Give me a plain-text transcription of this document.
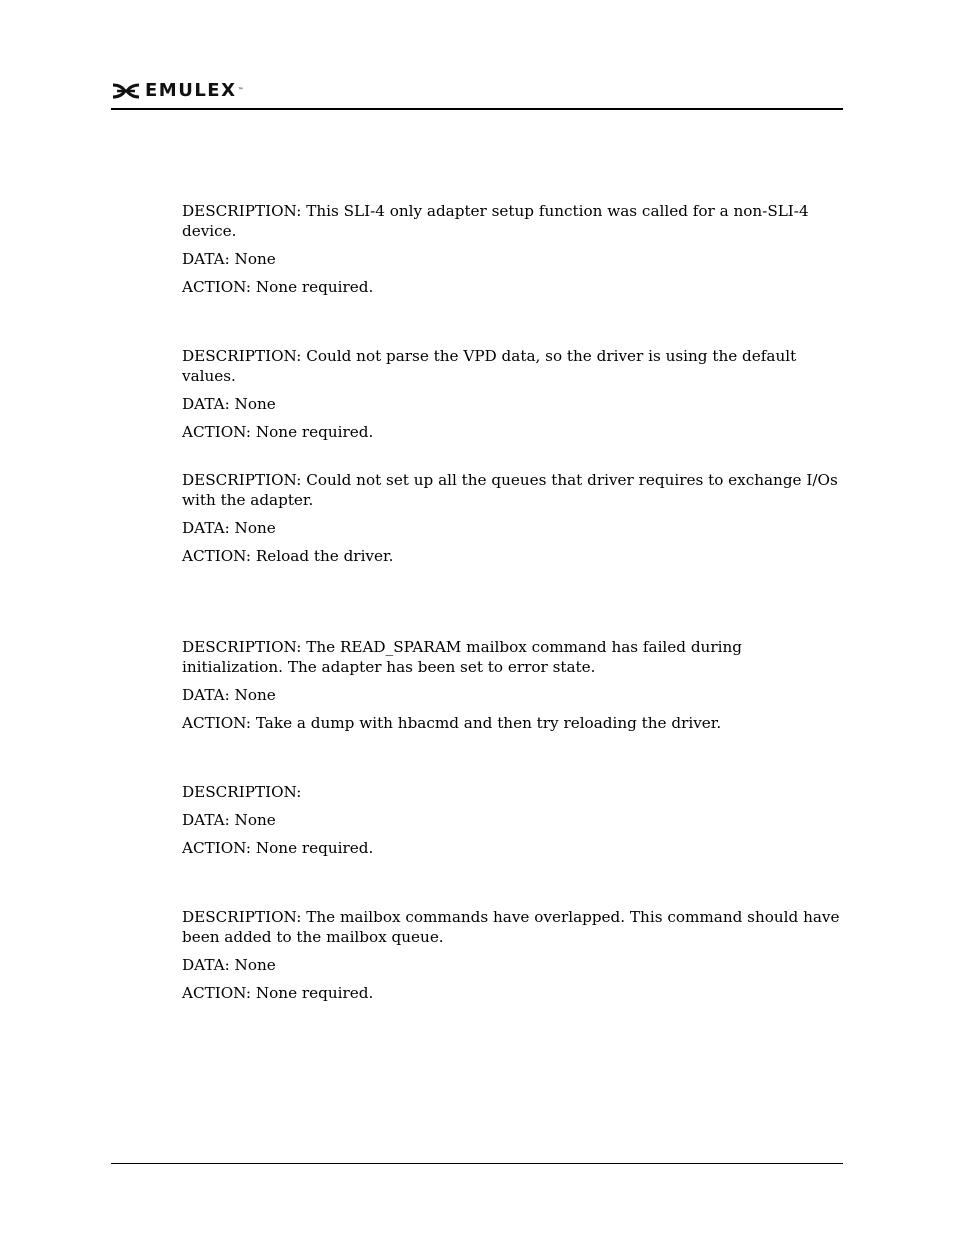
EMULEX ™

DESCRIPTION: This SLI-4 only adapter setup function was called for a non-SLI-4 device.

DATA: None

ACTION: None required.

DESCRIPTION: Could not parse the VPD data, so the driver is using the default values.

DATA: None

ACTION: None required.

DESCRIPTION: Could not set up all the queues that driver requires to exchange I/Os with the adapter.

DATA: None

ACTION: Reload the driver.

DESCRIPTION: The READ_SPARAM mailbox command has failed during initialization. The adapter has been set to error state.

DATA: None

ACTION: Take a dump with hbacmd and then try reloading the driver.

DESCRIPTION:

DATA: None

ACTION: None required.

DESCRIPTION: The mailbox commands have overlapped. This command should have been added to the mailbox queue.

DATA: None

ACTION: None required.
